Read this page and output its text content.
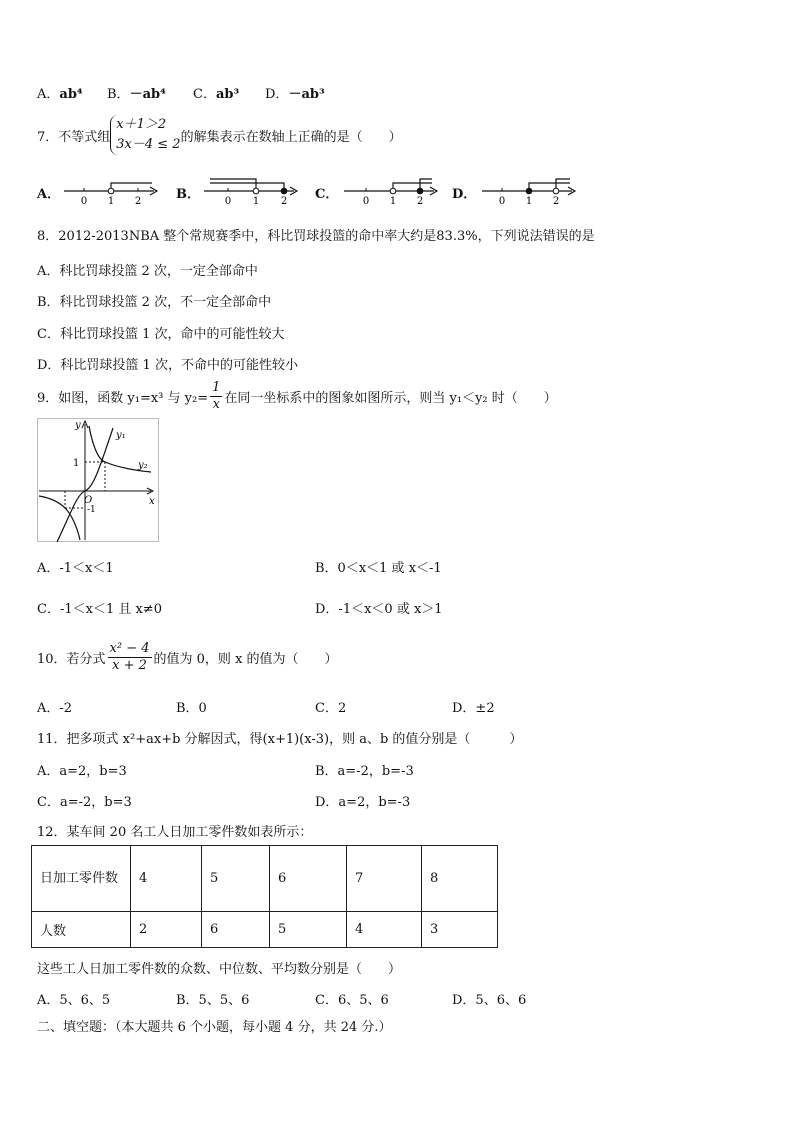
A．ab⁴ B．－ab⁴ C．ab³ D．－ab³
7．不等式组
x＋1＞2
3x－4 ≤ 2 的解集表示在数轴上正确的是（　　）
A． 0 1 2	B． 0 1 2 C． 0 1 2 D． 0 1 2
8．2012-2013NBA 整个常规赛季中，科比罚球投篮的命中率大约是83.3%，下列说法错误的是
A．科比罚球投篮 2 次，一定全部命中
B．科比罚球投篮 2 次，不一定全部命中
C．科比罚球投篮 1 次，命中的可能性较大
D．科比罚球投篮 1 次，不命中的可能性较小
9．如图，函数 y₁=x³ 与 $y_2= \frac{1}{x}$ 在同一坐标系中的图象如图所示，则当 y₁＜y₂ 时（　　）
y
x
O
1
-1
y₁
y₂
A．-1＜x＜1	B．0＜x＜1 或 x＜-1
C．-1＜x＜1 且 x≠0	D．-1＜x＜0 或 x＞1
10．若分式 $\frac{\text{x² − 4}}{x + 2}$ 的值为 0，则 x 的值为（　　）
A．-2	B．0	C．2	D．±2
11．把多项式 x²+ax+b 分解因式，得(x+1)(x-3)，则 a、b 的值分别是（　　　）
A．a=2，b=3	B．a=-2，b=-3
C．a=-2，b=3	D．a=2，b=-3
12．某车间 20 名工人日加工零件数如表所示：
日加工零件数	4	5	6	7	8
人数	2	6	5	4	3
这些工人日加工零件数的众数、中位数、平均数分别是（　　）
A．5、6、5	B．5、5、6	C．6、5、6	D．5、6、6
二、填空题：（本大题共 6 个小题，每小题 4 分，共 24 分.）
